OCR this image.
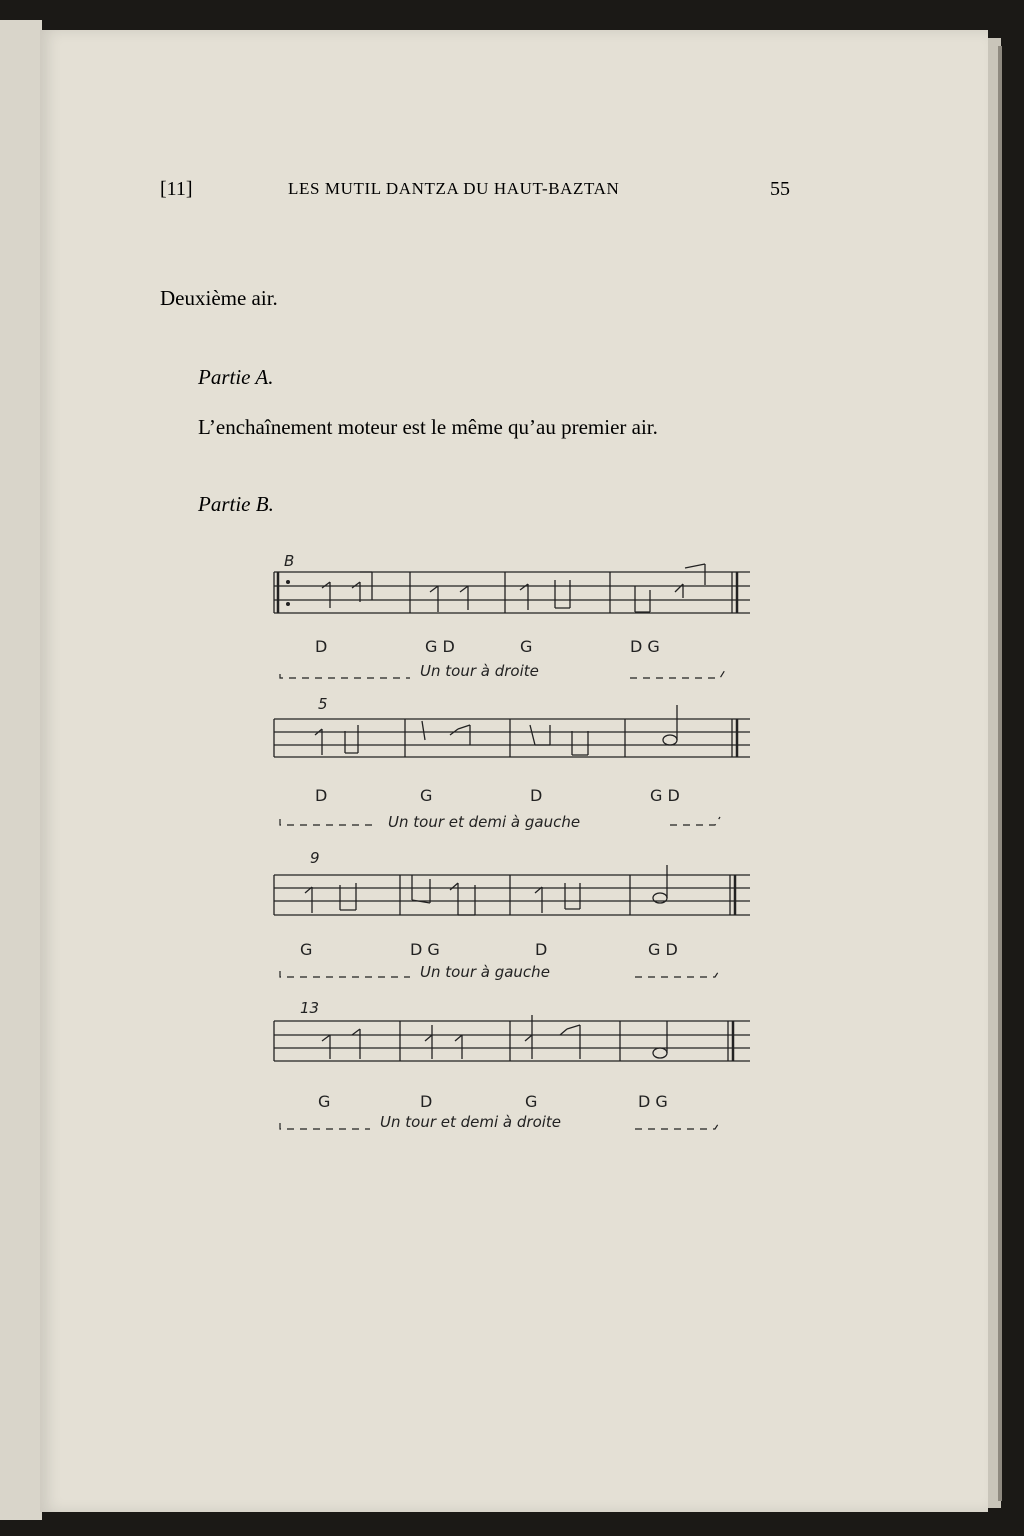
[11]	LES MUTIL DANTZA DU HAUT-BAZTAN	55
Deuxième air.
Partie A.
L’enchaînement moteur est le même qu’au premier air.
Partie B.
B
D	G D	G	D G
Un tour à droite
5
D	G	D	G D
Un tour et demi à gauche
9
G	D G	D	G D
Un tour à gauche
13
G	D	G	D G
Un tour et demi à droite
